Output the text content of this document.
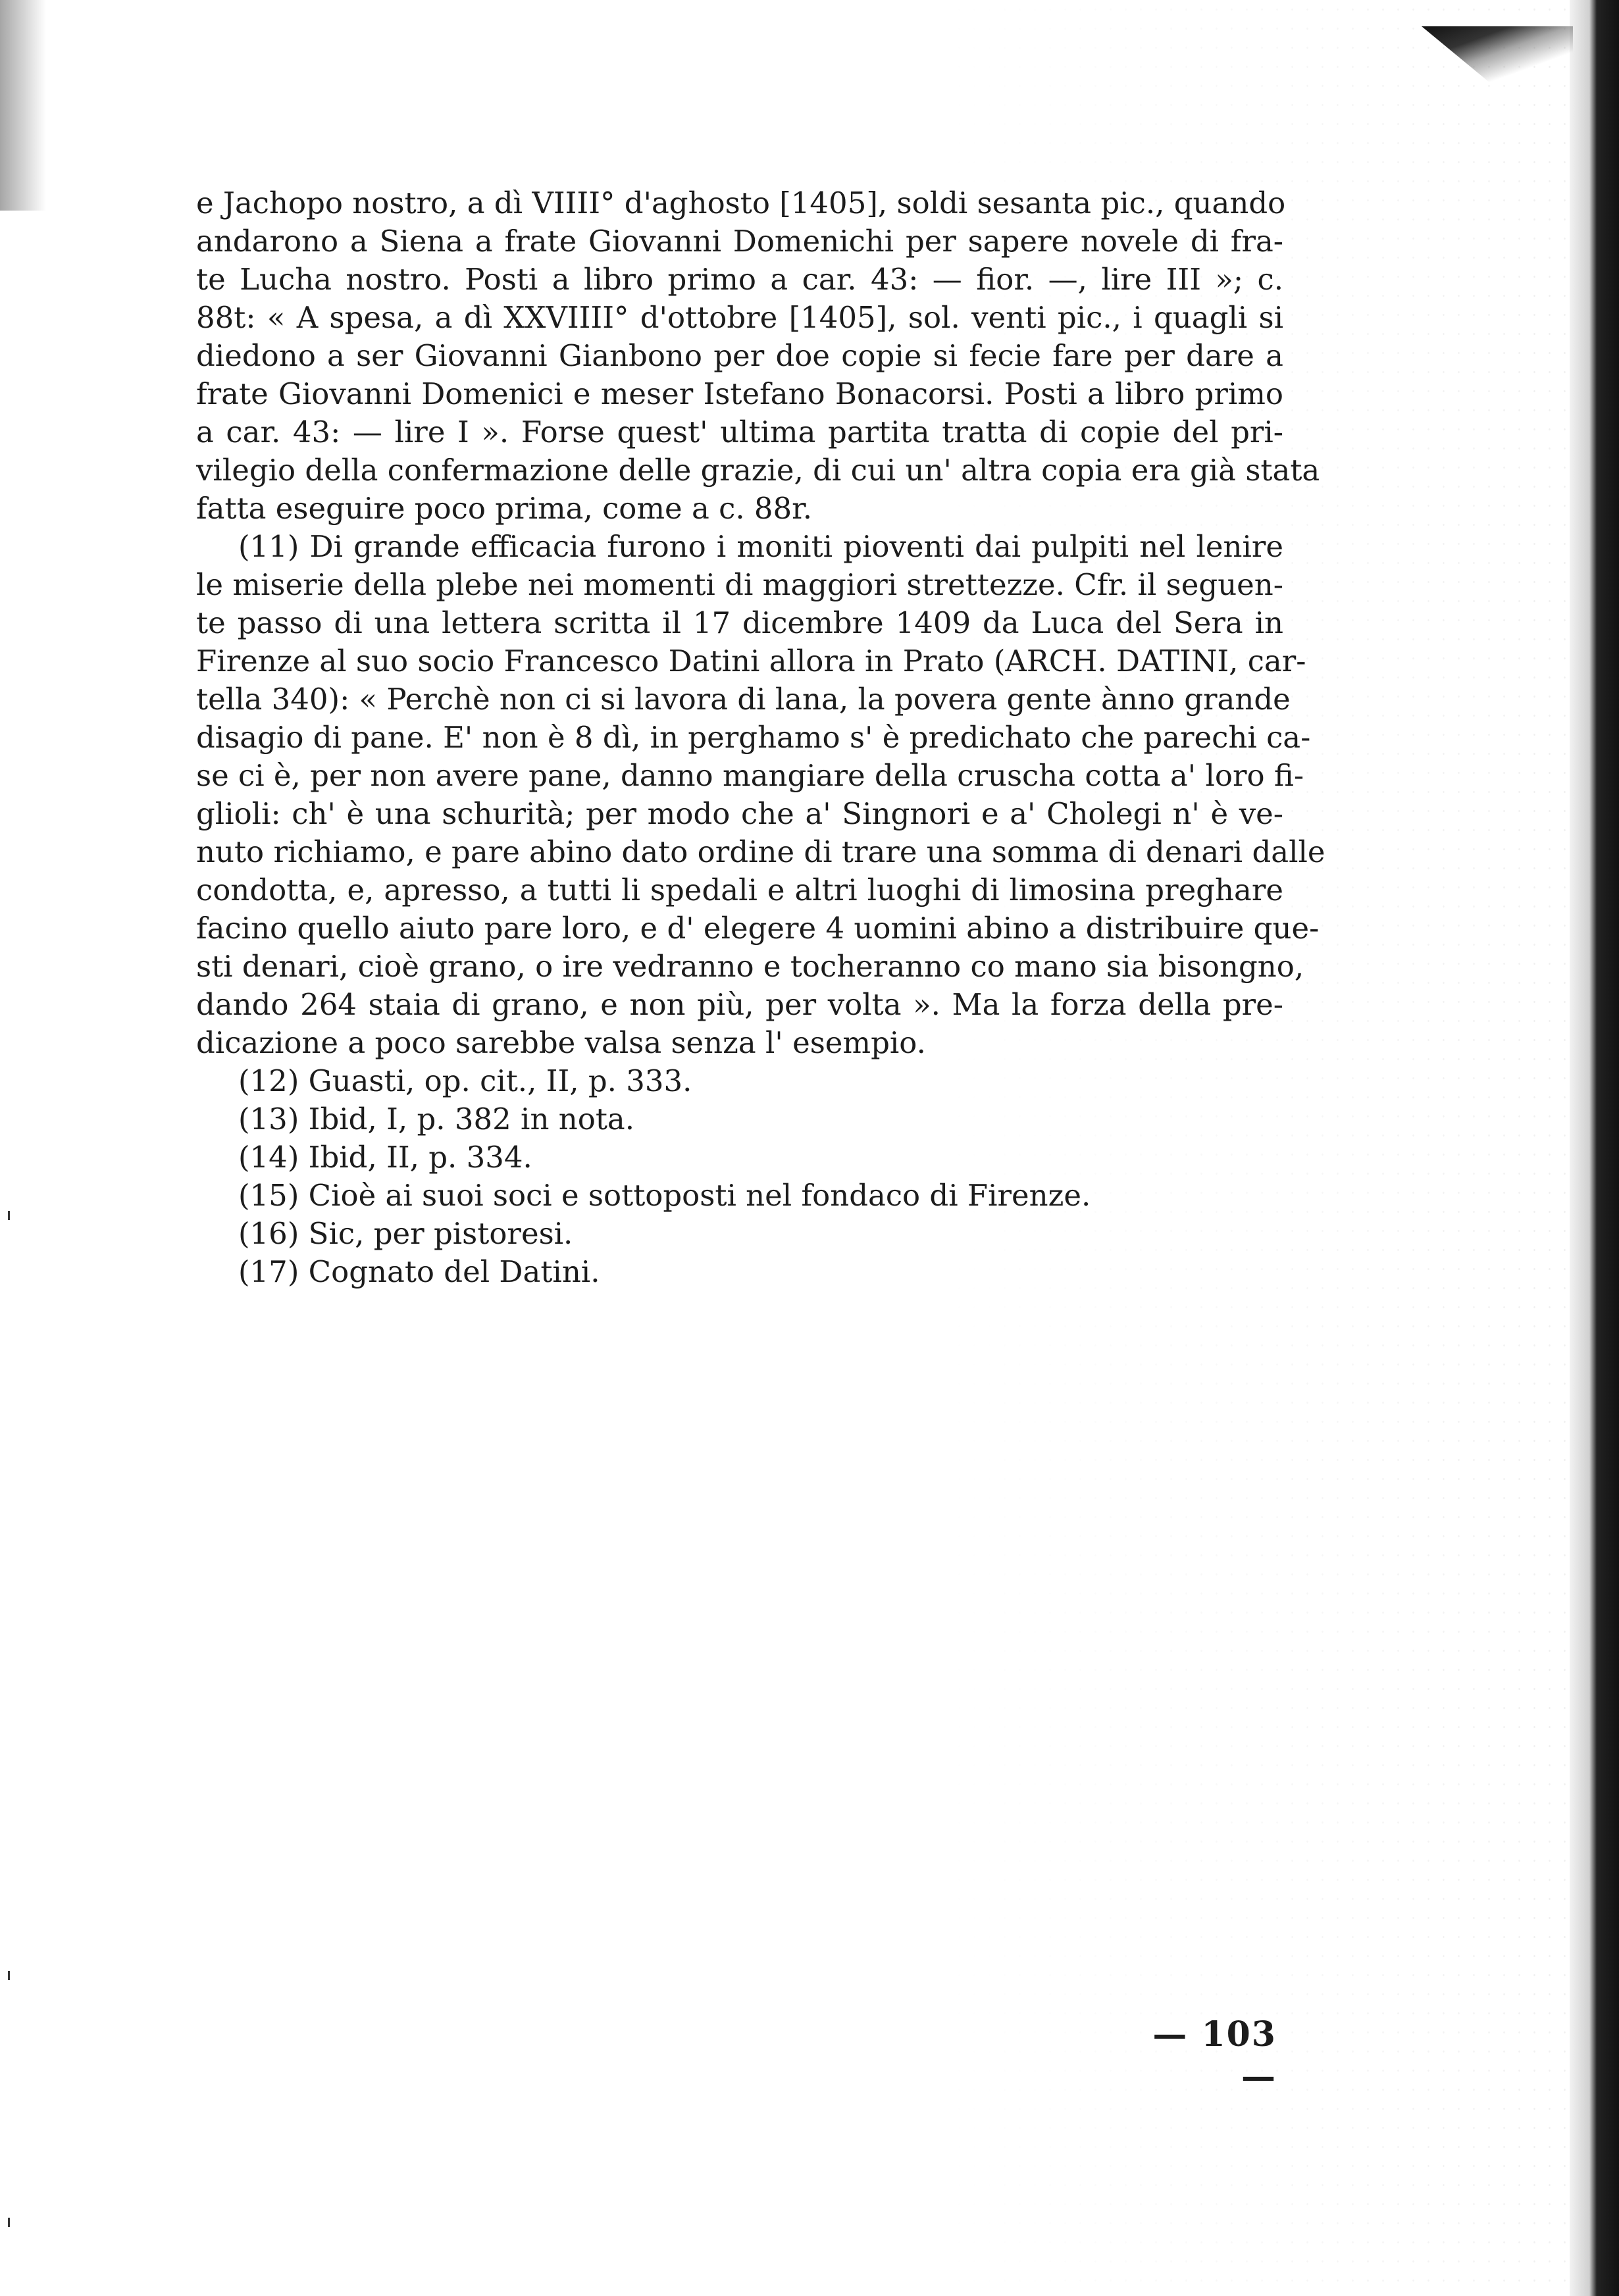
e Jachopo nostro, a dì VIIII° d'aghosto [1405], soldi sesanta pic., quando
andarono a Siena a frate Giovanni Domenichi per sapere novele di fra-
te Lucha nostro. Posti a libro primo a car. 43: — fior. —, lire III »; c.
88t: « A spesa, a dì XXVIIII° d'ottobre [1405], sol. venti pic., i quagli si
diedono a ser Giovanni Gianbono per doe copie si fecie fare per dare a
frate Giovanni Domenici e meser Istefano Bonacorsi. Posti a libro primo
a car. 43: — lire I ». Forse quest' ultima partita tratta di copie del pri-
vilegio della confermazione delle grazie, di cui un' altra copia era già stata
fatta eseguire poco prima, come a c. 88r.
(11) Di grande efficacia furono i moniti pioventi dai pulpiti nel lenire
le miserie della plebe nei momenti di maggiori strettezze. Cfr. il seguen-
te passo di una lettera scritta il 17 dicembre 1409 da Luca del Sera in
Firenze al suo socio Francesco Datini allora in Prato (ARCH. DATINI, car-
tella 340): « Perchè non ci si lavora di lana, la povera gente ànno grande
disagio di pane. E' non è 8 dì, in perghamo s' è predichato che parechi ca-
se ci è, per non avere pane, danno mangiare della cruscha cotta a' loro fi-
glioli: ch' è una schurità; per modo che a' Singnori e a' Cholegi n' è ve-
nuto richiamo, e pare abino dato ordine di trare una somma di denari dalle
condotta, e, apresso, a tutti li spedali e altri luoghi di limosina preghare
facino quello aiuto pare loro, e d' elegere 4 uomini abino a distribuire que-
sti denari, cioè grano, o ire vedranno e tocheranno co mano sia bisongno,
dando 264 staia di grano, e non più, per volta ». Ma la forza della pre-
dicazione a poco sarebbe valsa senza l' esempio.
(12) Guasti, op. cit., II, p. 333.
(13) Ibid, I, p. 382 in nota.
(14) Ibid, II, p. 334.
(15) Cioè ai suoi soci e sottoposti nel fondaco di Firenze.
(16) Sic, per pistoresi.
(17) Cognato del Datini.
— 103 —
